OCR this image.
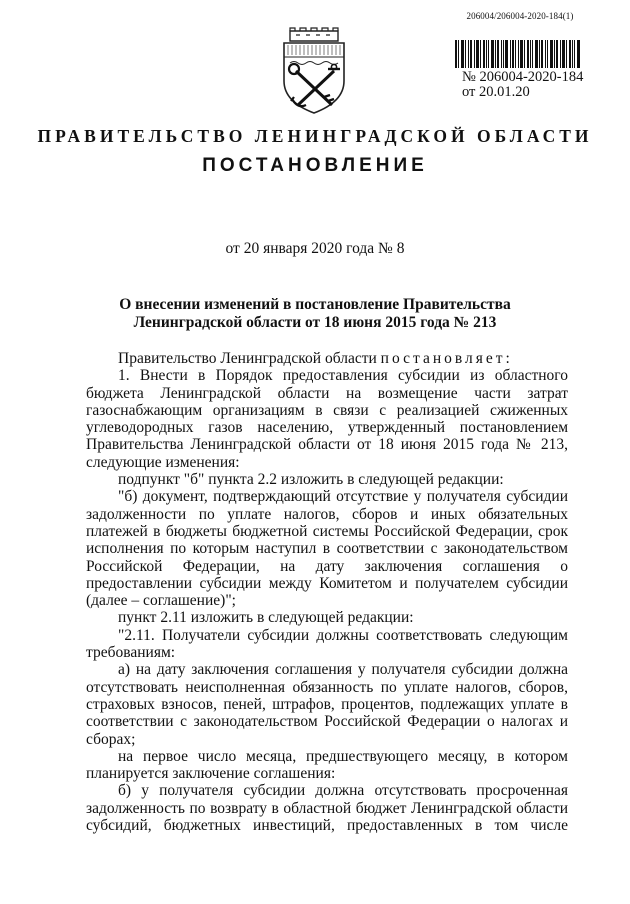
206004/206004-2020-184(1)
№ 206004-2020-184
от 20.01.20
ПРАВИТЕЛЬСТВО ЛЕНИНГРАДСКОЙ ОБЛАСТИ
ПОСТАНОВЛЕНИЕ
от 20 января 2020 года № 8
О внесении изменений в постановление Правительства
Ленинградской области от 18 июня 2015 года № 213

Правительство Ленинградской области постановляет:

1. Внести в Порядок предоставления субсидии из областного бюджета Ленинградской области на возмещение части затрат газоснабжающим организациям в связи с реализацией сжиженных углеводородных газов населению, утвержденный постановлением Правительства Ленинградской области от 18 июня 2015 года № 213, следующие изменения:

подпункт "б" пункта 2.2 изложить в следующей редакции:

"б) документ, подтверждающий отсутствие у получателя субсидии задолженности по уплате налогов, сборов и иных обязательных платежей в бюджеты бюджетной системы Российской Федерации, срок исполнения по которым наступил в соответствии с законодательством Российской Федерации, на дату заключения соглашения о предоставлении субсидии между Комитетом и получателем субсидии (далее – соглашение)";

пункт 2.11 изложить в следующей редакции:

"2.11. Получатели субсидии должны соответствовать следующим требованиям:

а) на дату заключения соглашения у получателя субсидии должна отсутствовать неисполненная обязанность по уплате налогов, сборов, страховых взносов, пеней, штрафов, процентов, подлежащих уплате в соответствии с законодательством Российской Федерации о налогах и сборах;

на первое число месяца, предшествующего месяцу, в котором планируется заключение соглашения:

б) у получателя субсидии должна отсутствовать просроченная задолженность по возврату в областной бюджет Ленинградской области субсидий, бюджетных инвестиций, предоставленных в том числе
